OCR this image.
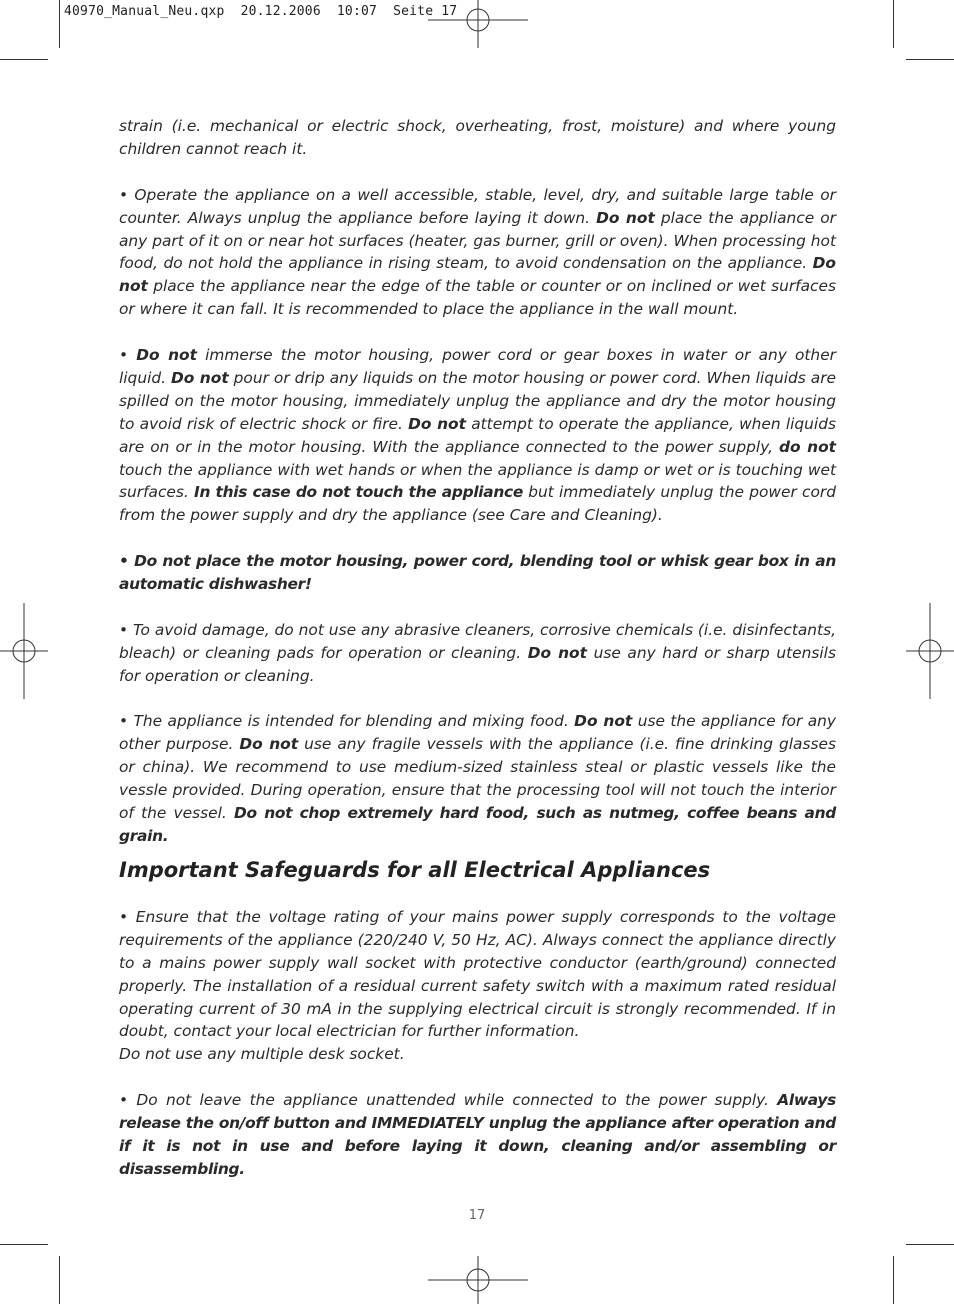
40970_Manual_Neu.qxp  20.12.2006  10:07  Seite 17

strain (i.e. mechanical or electric shock, overheating, frost, moisture) and where young children cannot reach it.

• Operate the appliance on a well accessible, stable, level, dry, and suitable large table or counter. Always unplug the appliance before laying it down. Do not place the appliance or any part of it on or near hot surfaces (heater, gas burner, grill or oven). When processing hot food, do not hold the appliance in rising steam, to avoid condensation on the appliance. Do not place the appliance near the edge of the table or counter or on inclined or wet surfaces or where it can fall. It is recommended to place the appliance in the wall mount.

• Do not immerse the motor housing, power cord or gear boxes in water or any other liquid. Do not pour or drip any liquids on the motor housing or power cord. When liquids are spilled on the motor housing, immediately unplug the appliance and dry the motor housing to avoid risk of electric shock or fire. Do not attempt to operate the appliance, when liquids are on or in the motor housing. With the appliance connected to the power supply, do not touch the appliance with wet hands or when the appliance is damp or wet or is touching wet surfaces. In this case do not touch the appliance but immediately unplug the power cord from the power supply and dry the appliance (see Care and Cleaning).

• Do not place the motor housing, power cord, blending tool or whisk gear box in an automatic dishwasher!

• To avoid damage, do not use any abrasive cleaners, corrosive chemicals (i.e. disinfectants, bleach) or cleaning pads for operation or cleaning. Do not use any hard or sharp utensils for operation or cleaning.

• The appliance is intended for blending and mixing food. Do not use the appliance for any other purpose. Do not use any fragile vessels with the appliance (i.e. fine drinking glasses or china). We recommend to use medium-sized stainless steal or plastic vessels like the vessle provided. During operation, ensure that the processing tool will not touch the interior of the vessel. Do not chop extremely hard food, such as nutmeg, coffee beans and grain.

Important Safeguards for all Electrical Appliances

• Ensure that the voltage rating of your mains power supply corresponds to the voltage requirements of the appliance (220/240 V, 50 Hz, AC). Always connect the appliance directly to a mains power supply wall socket with protective conductor (earth/ground) connected properly. The installation of a residual current safety switch with a maximum rated residual operating current of 30 mA in the supplying electrical circuit is strongly recommended. If in doubt, contact your local electrician for further information.
Do not use any multiple desk socket.

• Do not leave the appliance unattended while connected to the power supply. Always release the on/off button and IMMEDIATELY unplug the appliance after operation and if it is not in use and before laying it down, cleaning and/or assembling or disassembling.

17
